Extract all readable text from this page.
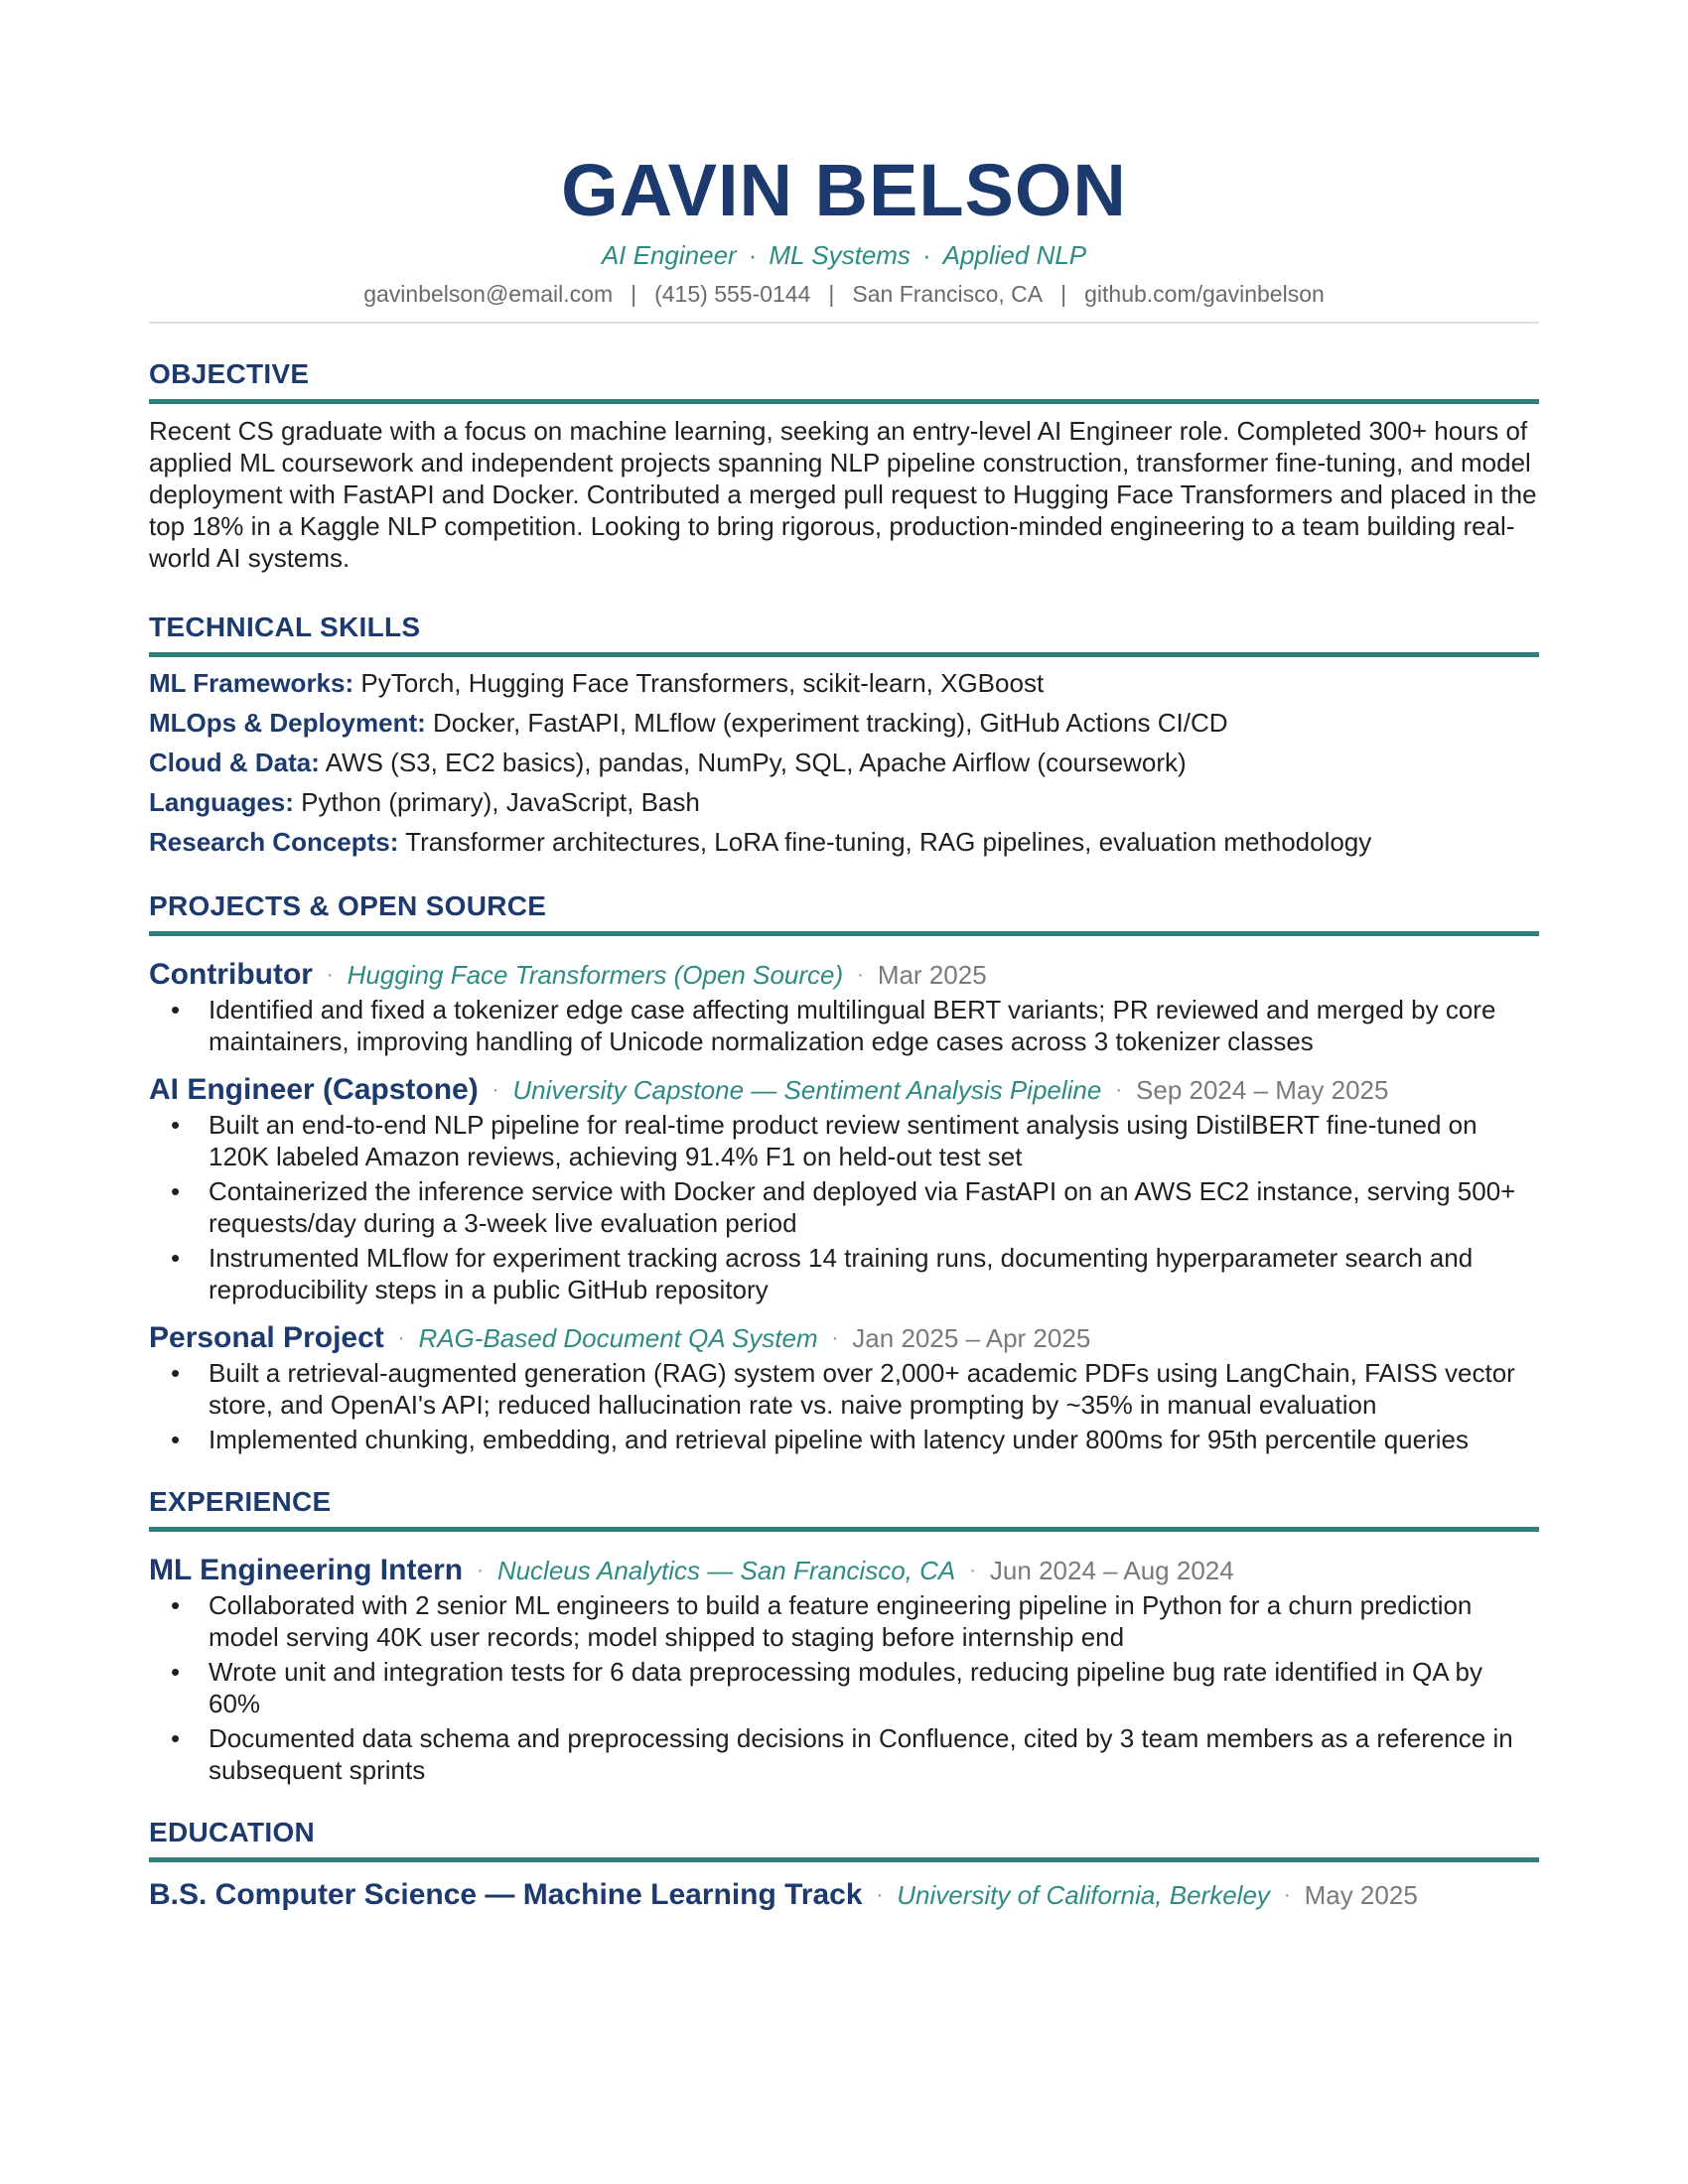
GAVIN BELSON
AI Engineer · ML Systems · Applied NLP
gavinbelson@email.com | (415) 555-0144 | San Francisco, CA | github.com/gavinbelson
OBJECTIVE
Recent CS graduate with a focus on machine learning, seeking an entry-level AI Engineer role. Completed 300+ hours of applied ML coursework and independent projects spanning NLP pipeline construction, transformer fine-tuning, and model deployment with FastAPI and Docker. Contributed a merged pull request to Hugging Face Transformers and placed in the top 18% in a Kaggle NLP competition. Looking to bring rigorous, production-minded engineering to a team building real-world AI systems.
TECHNICAL SKILLS
ML Frameworks: PyTorch, Hugging Face Transformers, scikit-learn, XGBoost
MLOps & Deployment: Docker, FastAPI, MLflow (experiment tracking), GitHub Actions CI/CD
Cloud & Data: AWS (S3, EC2 basics), pandas, NumPy, SQL, Apache Airflow (coursework)
Languages: Python (primary), JavaScript, Bash
Research Concepts: Transformer architectures, LoRA fine-tuning, RAG pipelines, evaluation methodology
PROJECTS & OPEN SOURCE
Contributor · Hugging Face Transformers (Open Source) · Mar 2025
• Identified and fixed a tokenizer edge case affecting multilingual BERT variants; PR reviewed and merged by core maintainers, improving handling of Unicode normalization edge cases across 3 tokenizer classes
AI Engineer (Capstone) · University Capstone — Sentiment Analysis Pipeline · Sep 2024 – May 2025
• Built an end-to-end NLP pipeline for real-time product review sentiment analysis using DistilBERT fine-tuned on 120K labeled Amazon reviews, achieving 91.4% F1 on held-out test set
• Containerized the inference service with Docker and deployed via FastAPI on an AWS EC2 instance, serving 500+ requests/day during a 3-week live evaluation period
• Instrumented MLflow for experiment tracking across 14 training runs, documenting hyperparameter search and reproducibility steps in a public GitHub repository
Personal Project · RAG-Based Document QA System · Jan 2025 – Apr 2025
• Built a retrieval-augmented generation (RAG) system over 2,000+ academic PDFs using LangChain, FAISS vector store, and OpenAI's API; reduced hallucination rate vs. naive prompting by ~35% in manual evaluation
• Implemented chunking, embedding, and retrieval pipeline with latency under 800ms for 95th percentile queries
EXPERIENCE
ML Engineering Intern · Nucleus Analytics — San Francisco, CA · Jun 2024 – Aug 2024
• Collaborated with 2 senior ML engineers to build a feature engineering pipeline in Python for a churn prediction model serving 40K user records; model shipped to staging before internship end
• Wrote unit and integration tests for 6 data preprocessing modules, reducing pipeline bug rate identified in QA by 60%
• Documented data schema and preprocessing decisions in Confluence, cited by 3 team members as a reference in subsequent sprints
EDUCATION
B.S. Computer Science — Machine Learning Track · University of California, Berkeley · May 2025
